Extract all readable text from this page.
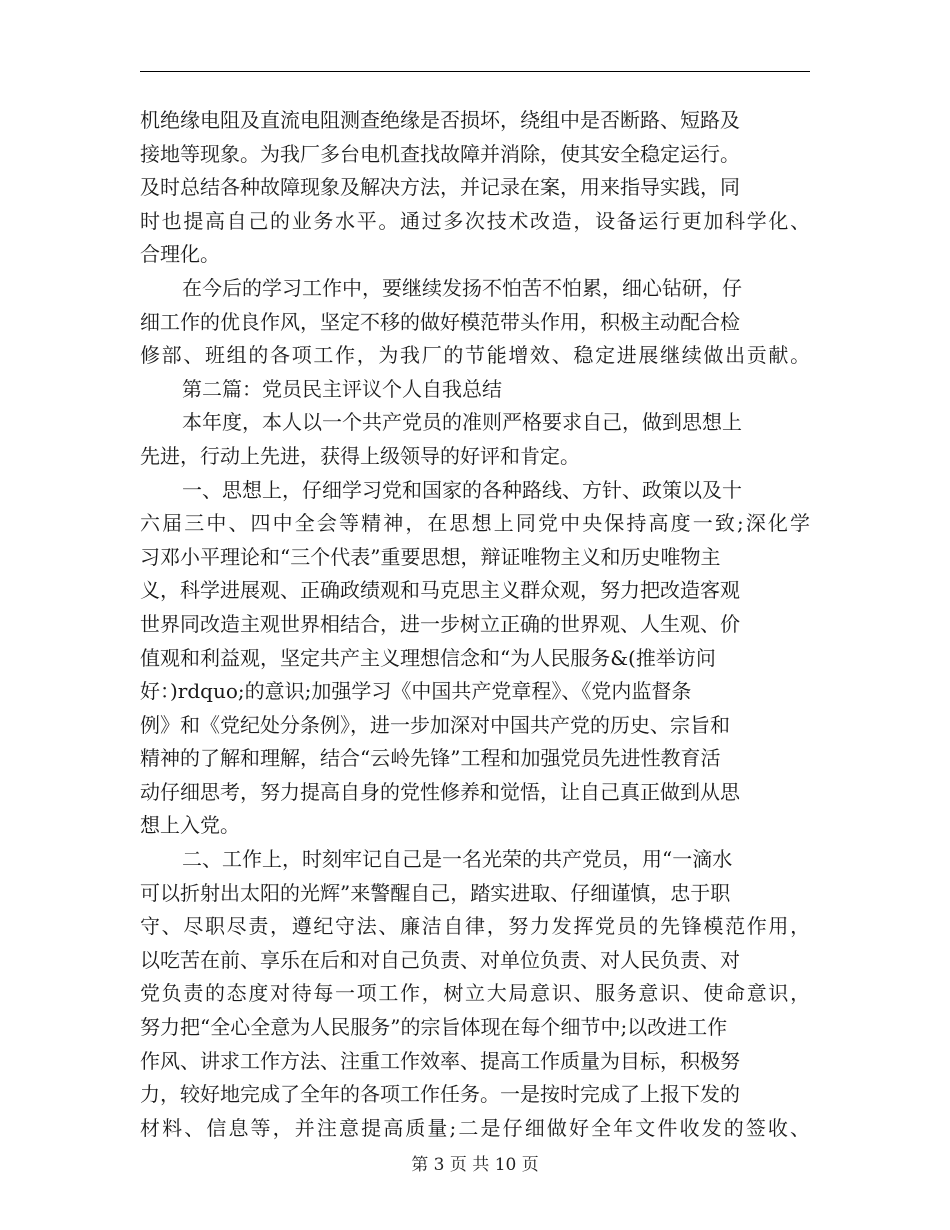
机绝缘电阻及直流电阻测查绝缘是否损坏，绕组中是否断路、短路及
接地等现象。为我厂多台电机查找故障并消除，使其安全稳定运行。
及时总结各种故障现象及解决方法，并记录在案，用来指导实践，同
时也提高自己的业务水平。通过多次技术改造，设备运行更加科学化、
合理化。
在今后的学习工作中，要继续发扬不怕苦不怕累，细心钻研，仔
细工作的优良作风，坚定不移的做好模范带头作用，积极主动配合检
修部、班组的各项工作，为我厂的节能增效、稳定进展继续做出贡献。
第二篇：党员民主评议个人自我总结
本年度，本人以一个共产党员的准则严格要求自己，做到思想上
先进，行动上先进，获得上级领导的好评和肯定。
一、思想上，仔细学习党和国家的各种路线、方针、政策以及十
六届三中、四中全会等精神，在思想上同党中央保持高度一致;深化学
习邓小平理论和“三个代表”重要思想，辩证唯物主义和历史唯物主
义，科学进展观、正确政绩观和马克思主义群众观，努力把改造客观
世界同改造主观世界相结合，进一步树立正确的世界观、人生观、价
值观和利益观，坚定共产主义理想信念和“为人民服务&(推举访问
好：)rdquo;的意识;加强学习《中国共产党章程》、《党内监督条
例》和《党纪处分条例》，进一步加深对中国共产党的历史、宗旨和
精神的了解和理解，结合“云岭先锋”工程和加强党员先进性教育活
动仔细思考，努力提高自身的党性修养和觉悟，让自己真正做到从思
想上入党。
二、工作上，时刻牢记自己是一名光荣的共产党员，用“一滴水
可以折射出太阳的光辉”来警醒自己，踏实进取、仔细谨慎，忠于职
守、尽职尽责，遵纪守法、廉洁自律，努力发挥党员的先锋模范作用，
以吃苦在前、享乐在后和对自己负责、对单位负责、对人民负责、对
党负责的态度对待每一项工作，树立大局意识、服务意识、使命意识，
努力把“全心全意为人民服务”的宗旨体现在每个细节中;以改进工作
作风、讲求工作方法、注重工作效率、提高工作质量为目标，积极努
力，较好地完成了全年的各项工作任务。一是按时完成了上报下发的
材料、信息等，并注意提高质量;二是仔细做好全年文件收发的签收、
第 3 页 共 10 页
